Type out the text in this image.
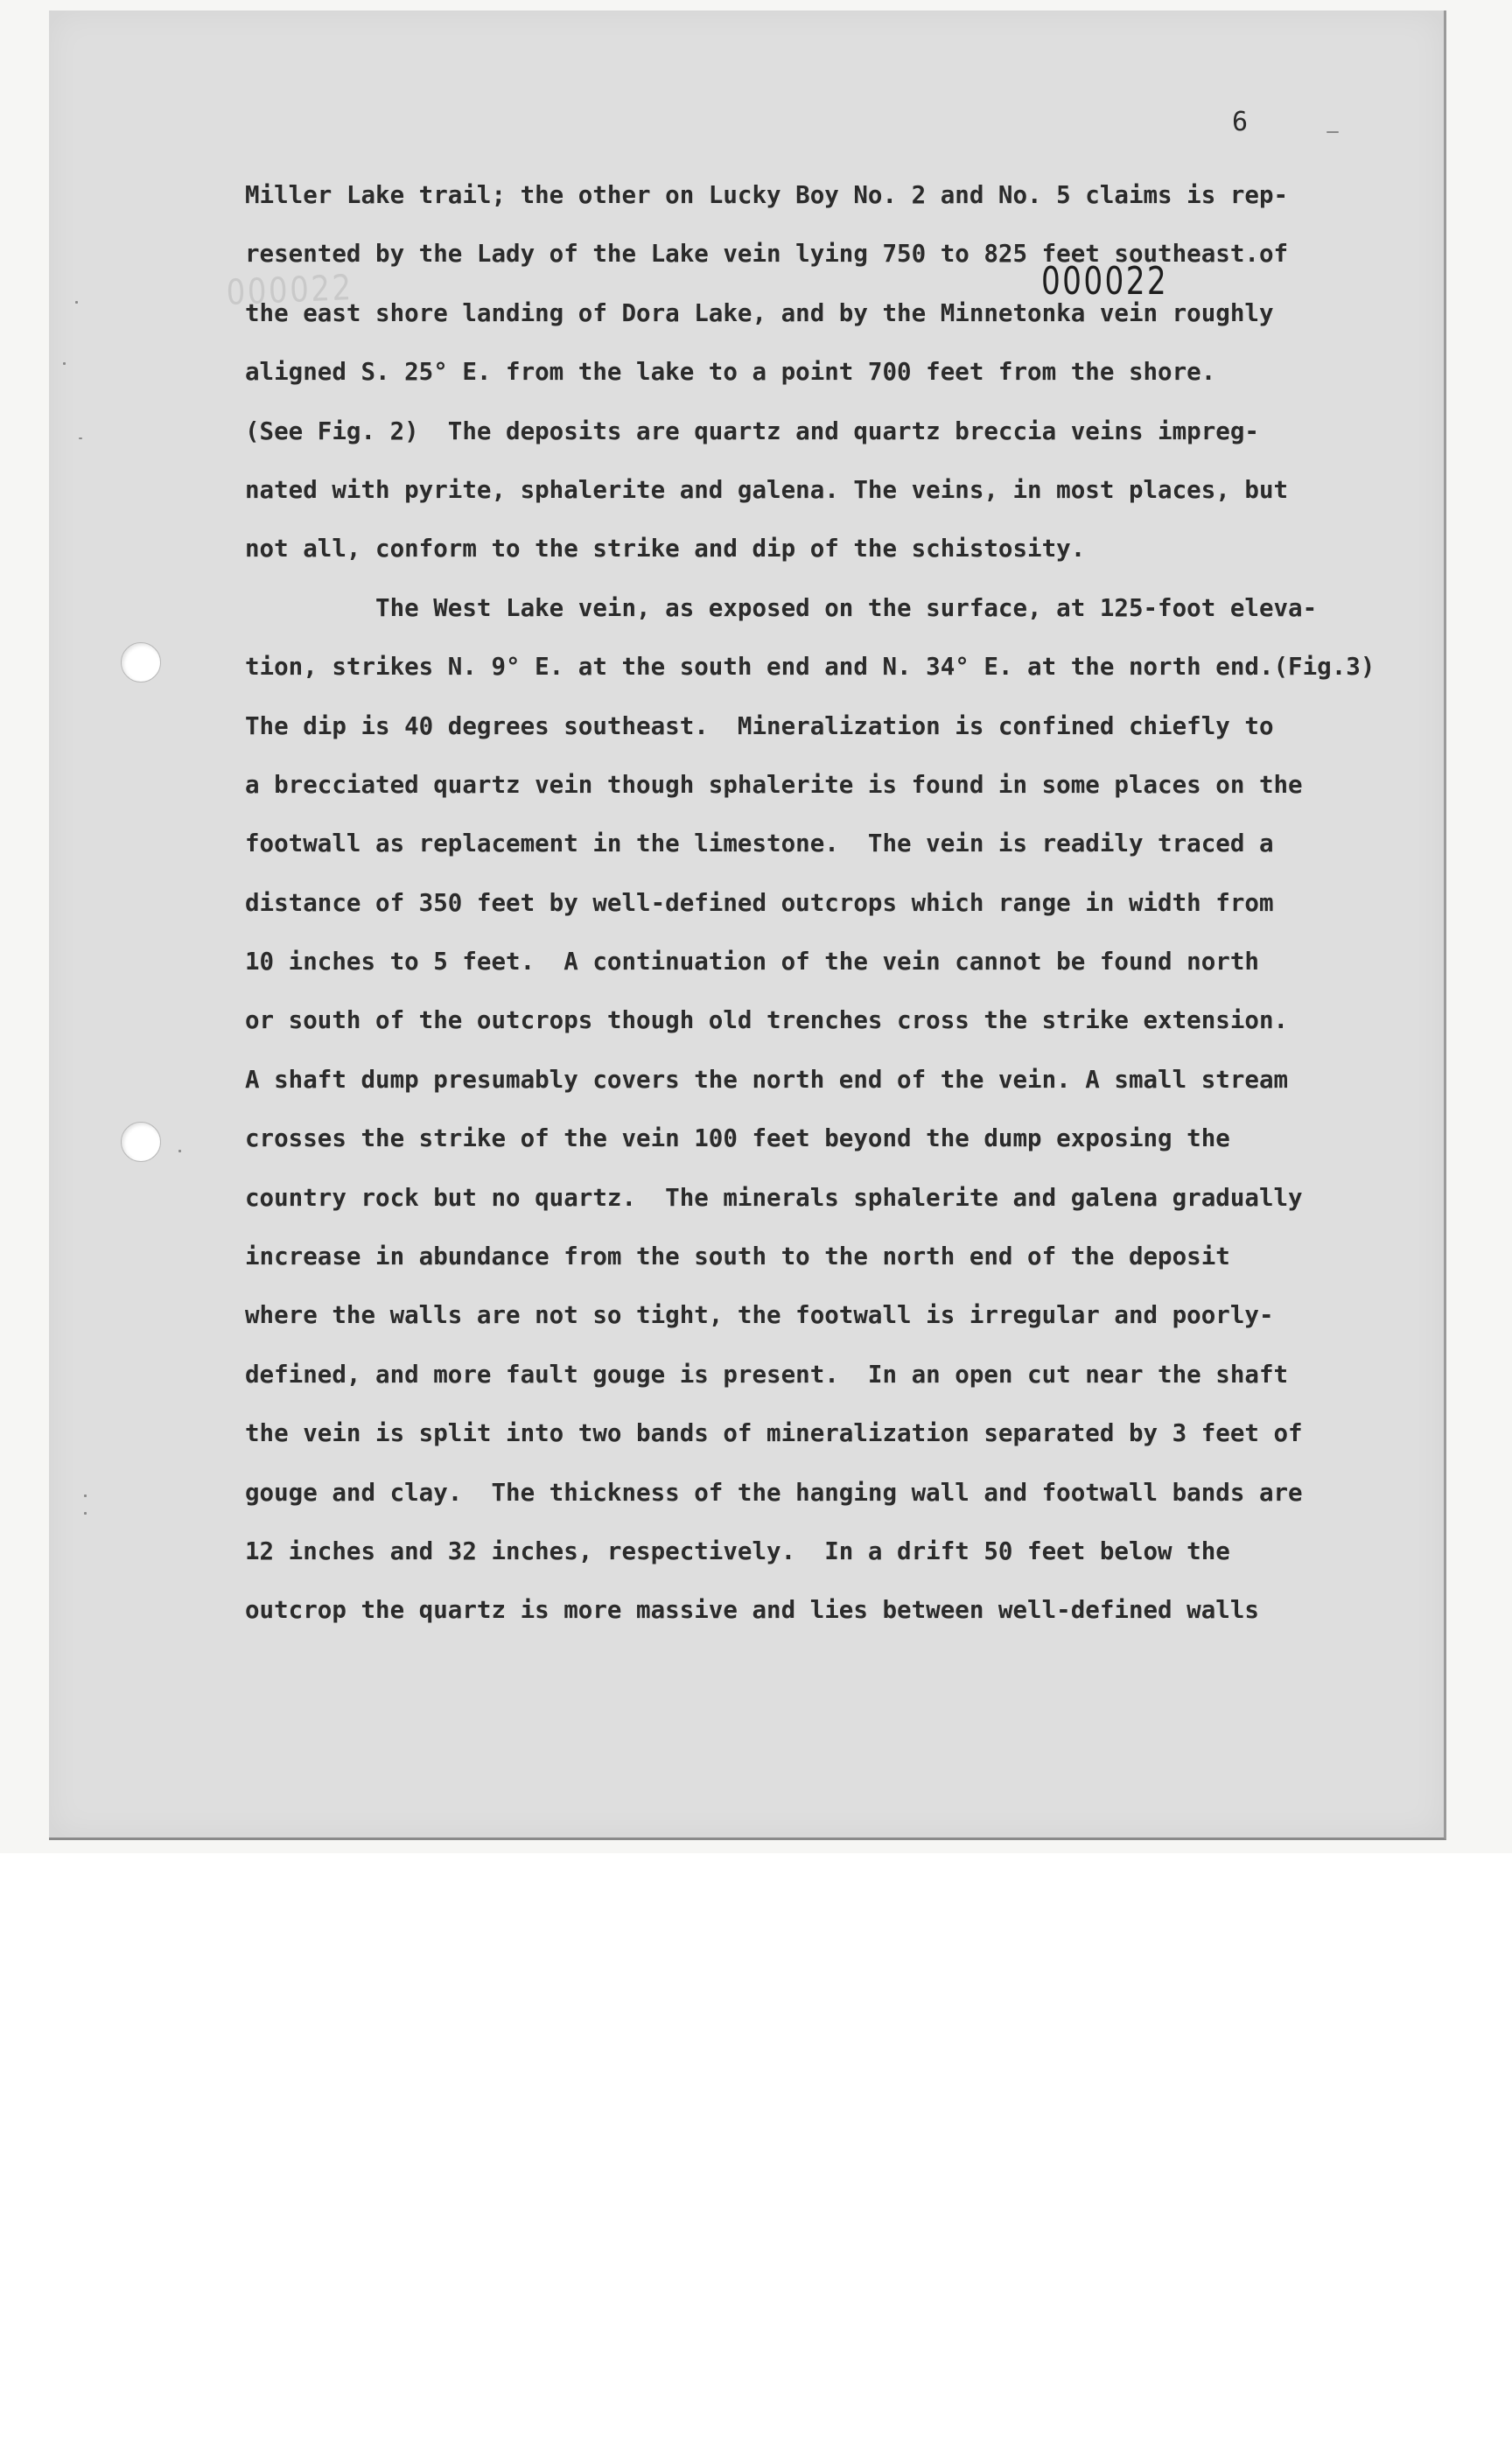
6
000022	000022
Miller Lake trail; the other on Lucky Boy No. 2 and No. 5 claims is rep-
resented by the Lady of the Lake vein lying 750 to 825 feet southeast.of
the east shore landing of Dora Lake, and by the Minnetonka vein roughly
aligned S. 25° E. from the lake to a point 700 feet from the shore.
(See Fig. 2)  The deposits are quartz and quartz breccia veins impreg-
nated with pyrite, sphalerite and galena. The veins, in most places, but
not all, conform to the strike and dip of the schistosity.
The West Lake vein, as exposed on the surface, at 125-foot eleva-
tion, strikes N. 9° E. at the south end and N. 34° E. at the north end.(Fig.3)
The dip is 40 degrees southeast.  Mineralization is confined chiefly to
a brecciated quartz vein though sphalerite is found in some places on the
footwall as replacement in the limestone.  The vein is readily traced a
distance of 350 feet by well-defined outcrops which range in width from
10 inches to 5 feet.  A continuation of the vein cannot be found north
or south of the outcrops though old trenches cross the strike extension.
A shaft dump presumably covers the north end of the vein. A small stream
crosses the strike of the vein 100 feet beyond the dump exposing the
country rock but no quartz.  The minerals sphalerite and galena gradually
increase in abundance from the south to the north end of the deposit
where the walls are not so tight, the footwall is irregular and poorly-
defined, and more fault gouge is present.  In an open cut near the shaft
the vein is split into two bands of mineralization separated by 3 feet of
gouge and clay.  The thickness of the hanging wall and footwall bands are
12 inches and 32 inches, respectively.  In a drift 50 feet below the
outcrop the quartz is more massive and lies between well-defined walls
